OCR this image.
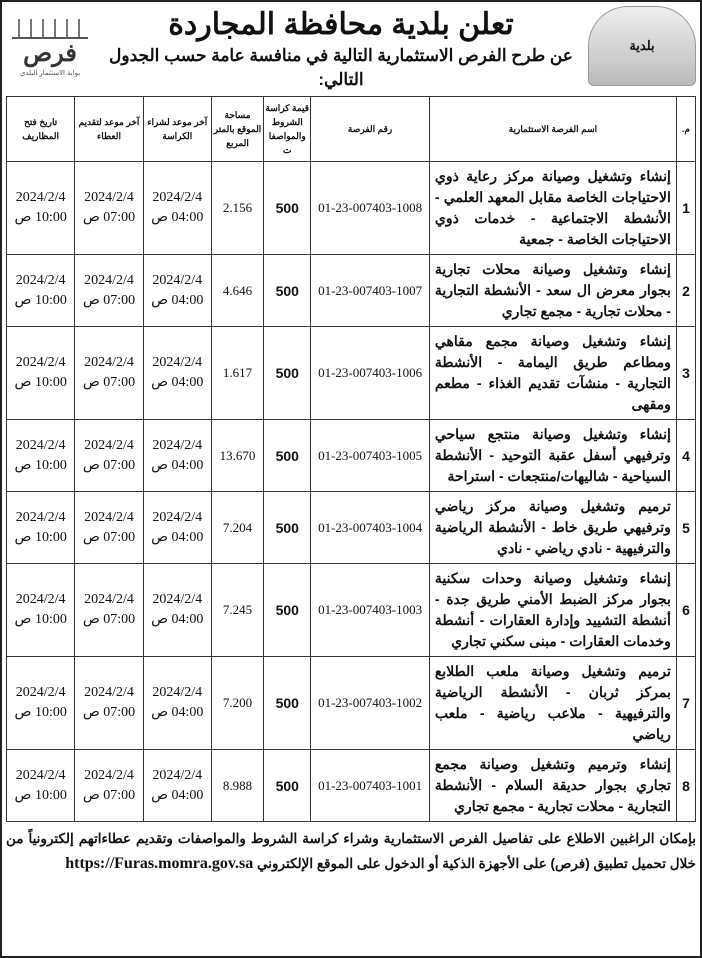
بلدية
تعلن بلدية محافظة المجاردة
عن طرح الفرص الاستثمارية التالية في منافسة عامة حسب الجدول التالي:
فرص
بوابة الاستثمار البلدي
م.	اسم الفرصة الاستثمارية	رقم الفرصة	قيمة كراسة الشروط والمواصفات	مساحة الموقع بالمتر المربع	آخر موعد لشراء الكراسة	آخر موعد لتقديم العطاء	تاريخ فتح المظاريف
1	إنشاء وتشغيل وصيانة مركز رعاية ذوي الاحتياجات الخاصة مقابل المعهد العلمي - الأنشطة الاجتماعية - خدمات ذوي الاحتياجات الخاصة - جمعية	01-23-007403-1008	500	2.156	2024/2/4 04:00 ص	2024/2/4 07:00 ص	2024/2/4 10:00 ص
2	إنشاء وتشغيل وصيانة محلات تجارية بجوار معرض ال سعد - الأنشطة التجارية - محلات تجارية - مجمع تجاري	01-23-007403-1007	500	4.646	2024/2/4 04:00 ص	2024/2/4 07:00 ص	2024/2/4 10:00 ص
3	إنشاء وتشغيل وصيانة مجمع مقاهي ومطاعم طريق اليمامة - الأنشطة التجارية - منشآت تقديم الغذاء - مطعم ومقهى	01-23-007403-1006	500	1.617	2024/2/4 04:00 ص	2024/2/4 07:00 ص	2024/2/4 10:00 ص
4	إنشاء وتشغيل وصيانة منتجع سياحي وترفيهي أسفل عقبة التوحيد - الأنشطة السياحية - شاليهات/منتجعات - استراحة	01-23-007403-1005	500	13.670	2024/2/4 04:00 ص	2024/2/4 07:00 ص	2024/2/4 10:00 ص
5	ترميم وتشغيل وصيانة مركز رياضي وترفيهي طريق خاط - الأنشطة الرياضية والترفيهية - نادي رياضي - نادي	01-23-007403-1004	500	7.204	2024/2/4 04:00 ص	2024/2/4 07:00 ص	2024/2/4 10:00 ص
6	إنشاء وتشغيل وصيانة وحدات سكنية بجوار مركز الضبط الأمني طريق جدة - أنشطة التشييد وإدارة العقارات - أنشطة وخدمات العقارات - مبنى سكني تجاري	01-23-007403-1003	500	7.245	2024/2/4 04:00 ص	2024/2/4 07:00 ص	2024/2/4 10:00 ص
7	ترميم وتشغيل وصيانة ملعب الطلابع بمركز ثربان - الأنشطة الرياضية والترفيهية - ملاعب رياضية - ملعب رياضي	01-23-007403-1002	500	7.200	2024/2/4 04:00 ص	2024/2/4 07:00 ص	2024/2/4 10:00 ص
8	إنشاء وترميم وتشغيل وصيانة مجمع تجاري بجوار حديقة السلام - الأنشطة التجارية - محلات تجارية - مجمع تجاري	01-23-007403-1001	500	8.988	2024/2/4 04:00 ص	2024/2/4 07:00 ص	2024/2/4 10:00 ص
بإمكان الراغبين الاطلاع على تفاصيل الفرص الاستثمارية وشراء كراسة الشروط والمواصفات وتقديم عطاءاتهم إلكترونياً من خلال تحميل تطبيق (فرص) على الأجهزة الذكية أو الدخول على الموقع الإلكتروني https://Furas.momra.gov.sa
